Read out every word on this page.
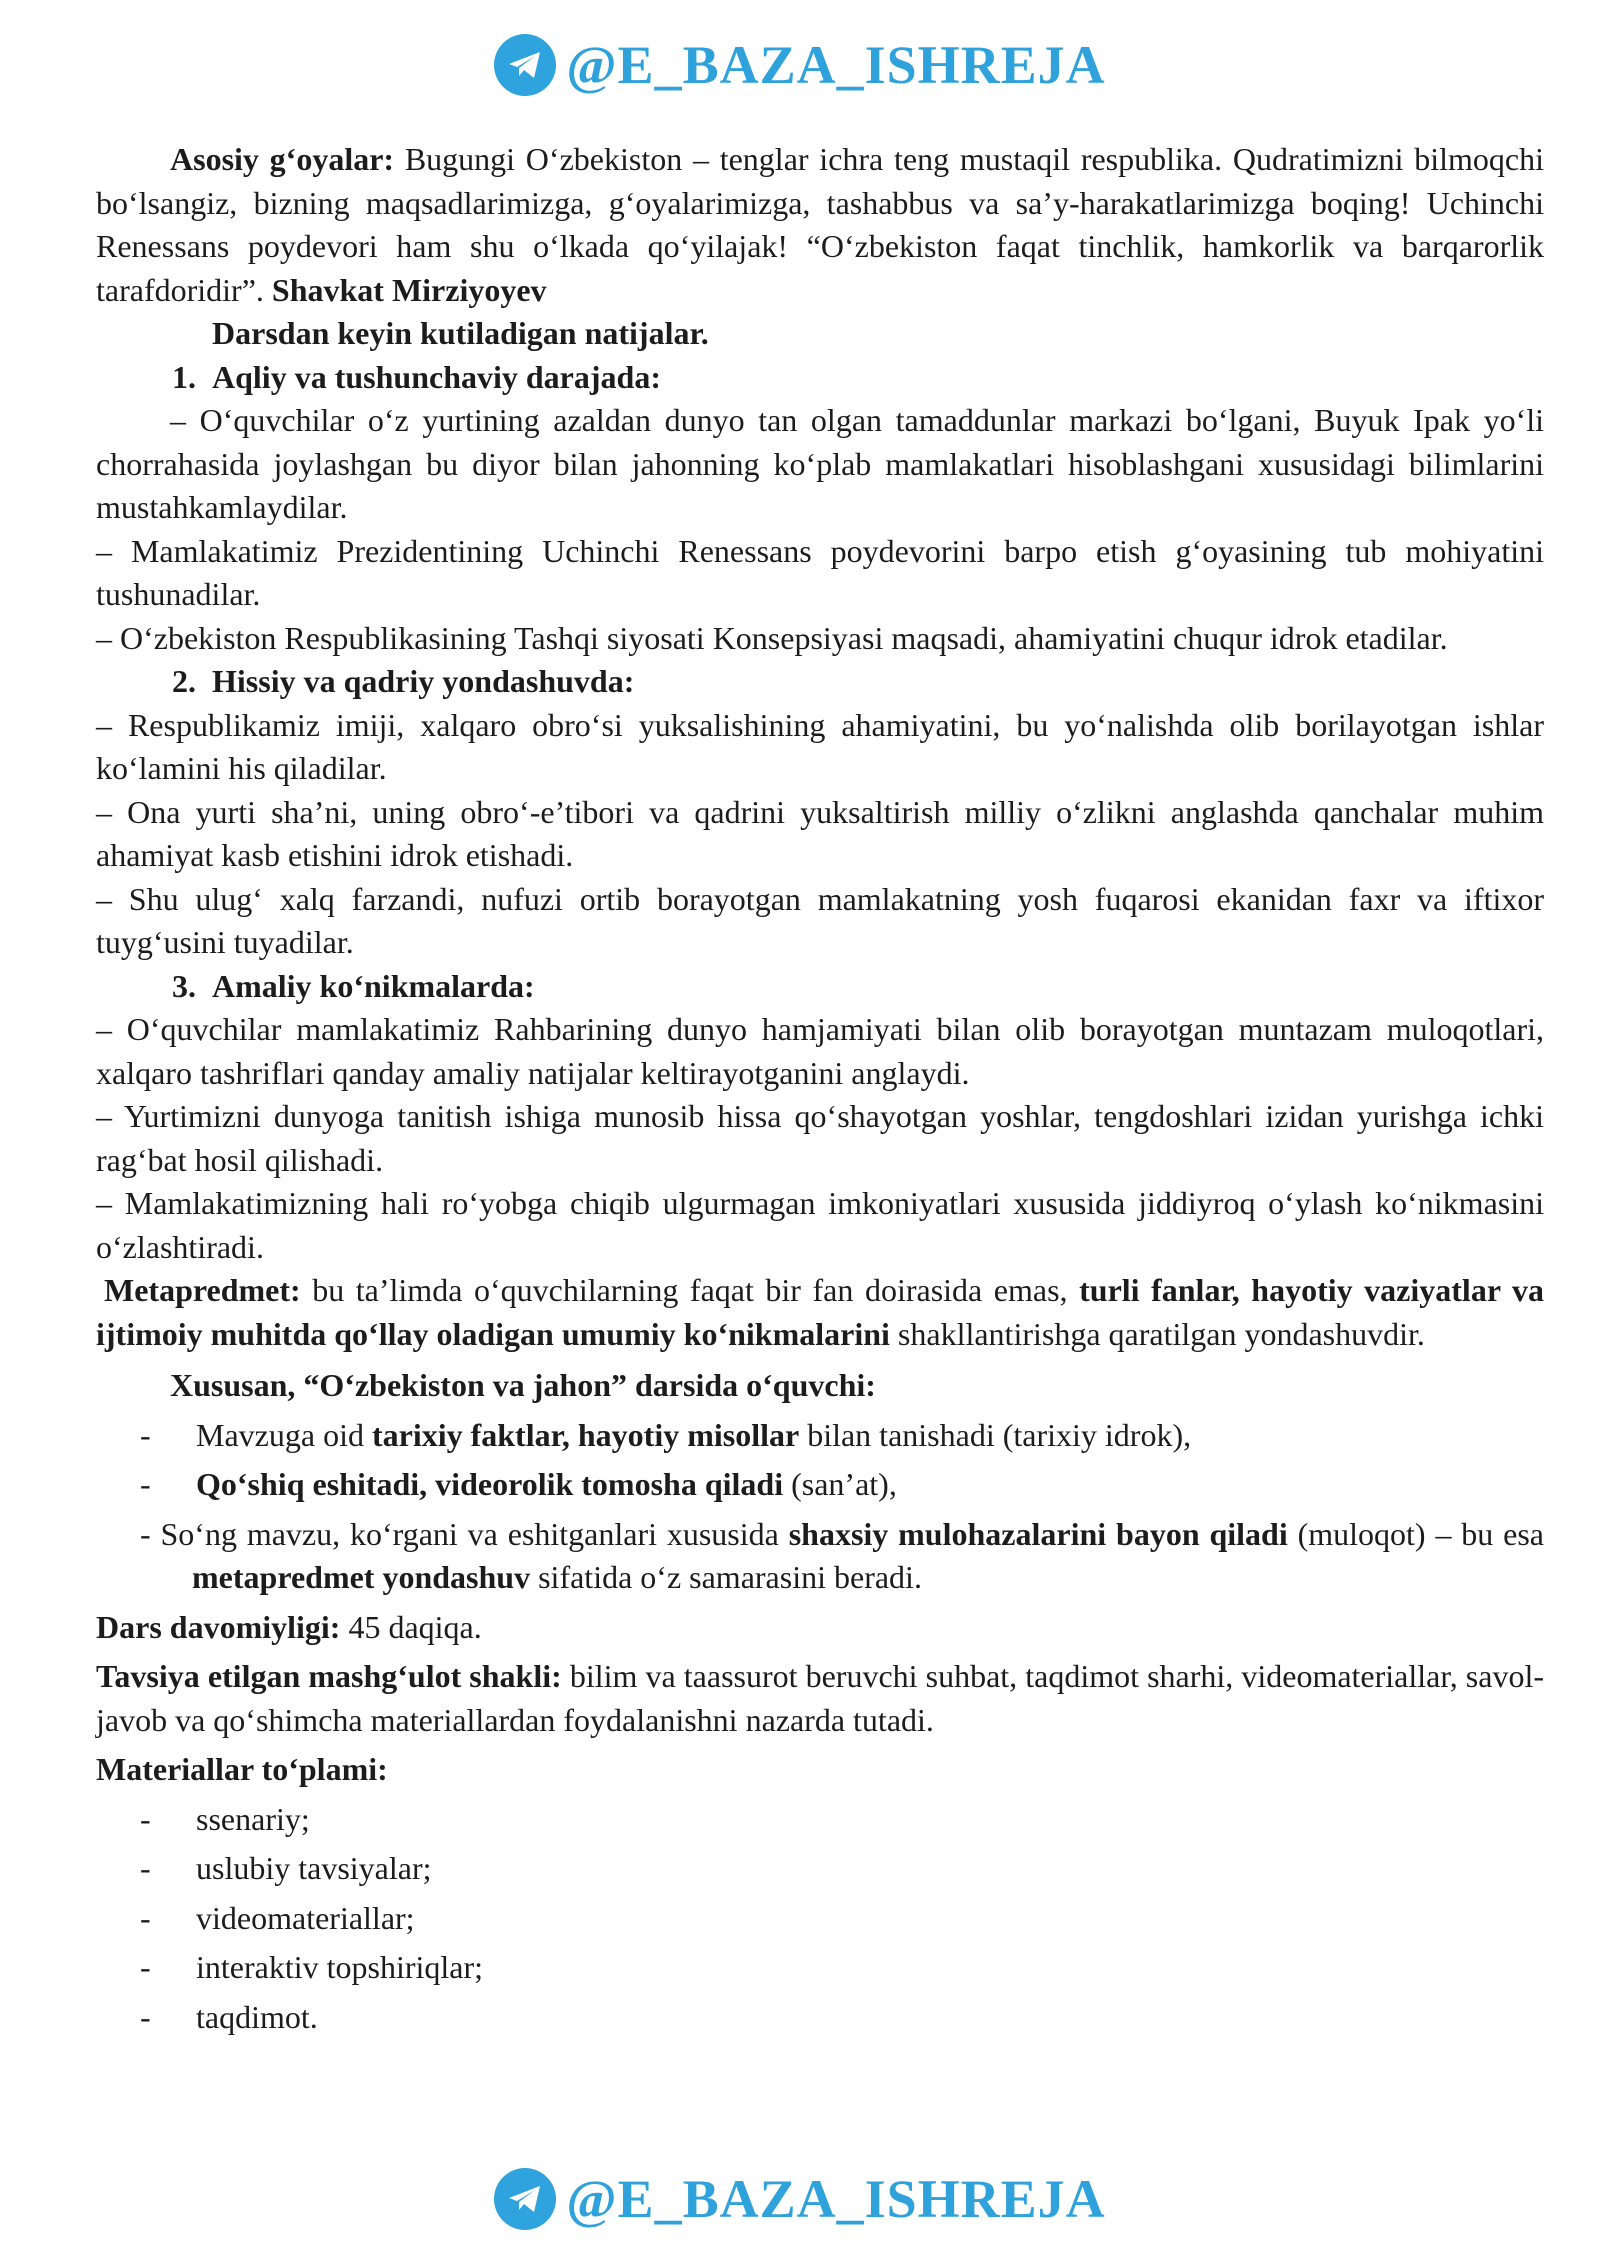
@E_BAZA_ISHREJA

Asosiy g‘oyalar: Bugungi O‘zbekiston – tenglar ichra teng mustaqil respublika. Qudratimizni bilmoqchi bo‘lsangiz, bizning maqsadlarimizga, g‘oyalarimizga, tashabbus va sa’y-harakatlarimizga boqing! Uchinchi Renessans poydevori ham shu o‘lkada qo‘yilajak! “O‘zbekiston faqat tinchlik, hamkorlik va barqarorlik tarafdoridir”. Shavkat Mirziyoyev

Darsdan keyin kutiladigan natijalar.

1. Aqliy va tushunchaviy darajada:

– O‘quvchilar o‘z yurtining azaldan dunyo tan olgan tamaddunlar markazi bo‘lgani, Buyuk Ipak yo‘li chorrahasida joylashgan bu diyor bilan jahonning ko‘plab mamlakatlari hisoblashgani xususidagi bilimlarini mustahkamlaydilar.

– Mamlakatimiz Prezidentining Uchinchi Renessans poydevorini barpo etish g‘oyasining tub mohiyatini tushunadilar.

– O‘zbekiston Respublikasining Tashqi siyosati Konsepsiyasi maqsadi, ahamiyatini chuqur idrok etadilar.

2. Hissiy va qadriy yondashuvda:

– Respublikamiz imiji, xalqaro obro‘si yuksalishining ahamiyatini, bu yo‘nalishda olib borilayotgan ishlar ko‘lamini his qiladilar.

– Ona yurti sha’ni, uning obro‘-e’tibori va qadrini yuksaltirish milliy o‘zlikni anglashda qanchalar muhim ahamiyat kasb etishini idrok etishadi.

– Shu ulug‘ xalq farzandi, nufuzi ortib borayotgan mamlakatning yosh fuqarosi ekanidan faxr va iftixor tuyg‘usini tuyadilar.

3. Amaliy ko‘nikmalarda:

– O‘quvchilar mamlakatimiz Rahbarining dunyo hamjamiyati bilan olib borayotgan muntazam muloqotlari, xalqaro tashriflari qanday amaliy natijalar keltirayotganini anglaydi.

– Yurtimizni dunyoga tanitish ishiga munosib hissa qo‘shayotgan yoshlar, tengdoshlari izidan yurishga ichki rag‘bat hosil qilishadi.

– Mamlakatimizning hali ro‘yobga chiqib ulgurmagan imkoniyatlari xususida jiddiyroq o‘ylash ko‘nikmasini o‘zlashtiradi.

Metapredmet: bu ta’limda o‘quvchilarning faqat bir fan doirasida emas, turli fanlar, hayotiy vaziyatlar va ijtimoiy muhitda qo‘llay oladigan umumiy ko‘nikmalarini shakllantirishga qaratilgan yondashuvdir.

Xususan, “O‘zbekiston va jahon” darsida o‘quvchi:

-	Mavzuga oid tarixiy faktlar, hayotiy misollar bilan tanishadi (tarixiy idrok),
-	Qo‘shiq eshitadi, videorolik tomosha qiladi (san’at),

- So‘ng mavzu, ko‘rgani va eshitganlari xususida shaxsiy mulohazalarini bayon qiladi (muloqot) – bu esa metapredmet yondashuv sifatida o‘z samarasini beradi.

Dars davomiyligi: 45 daqiqa.

Tavsiya etilgan mashg‘ulot shakli: bilim va taassurot beruvchi suhbat, taqdimot sharhi, videomateriallar, savol-javob va qo‘shimcha materiallardan foydalanishni nazarda tutadi.

Materiallar to‘plami:

-	ssenariy;
-	uslubiy tavsiyalar;
-	videomateriallar;
-	interaktiv topshiriqlar;
-	taqdimot.
@E_BAZA_ISHREJA
